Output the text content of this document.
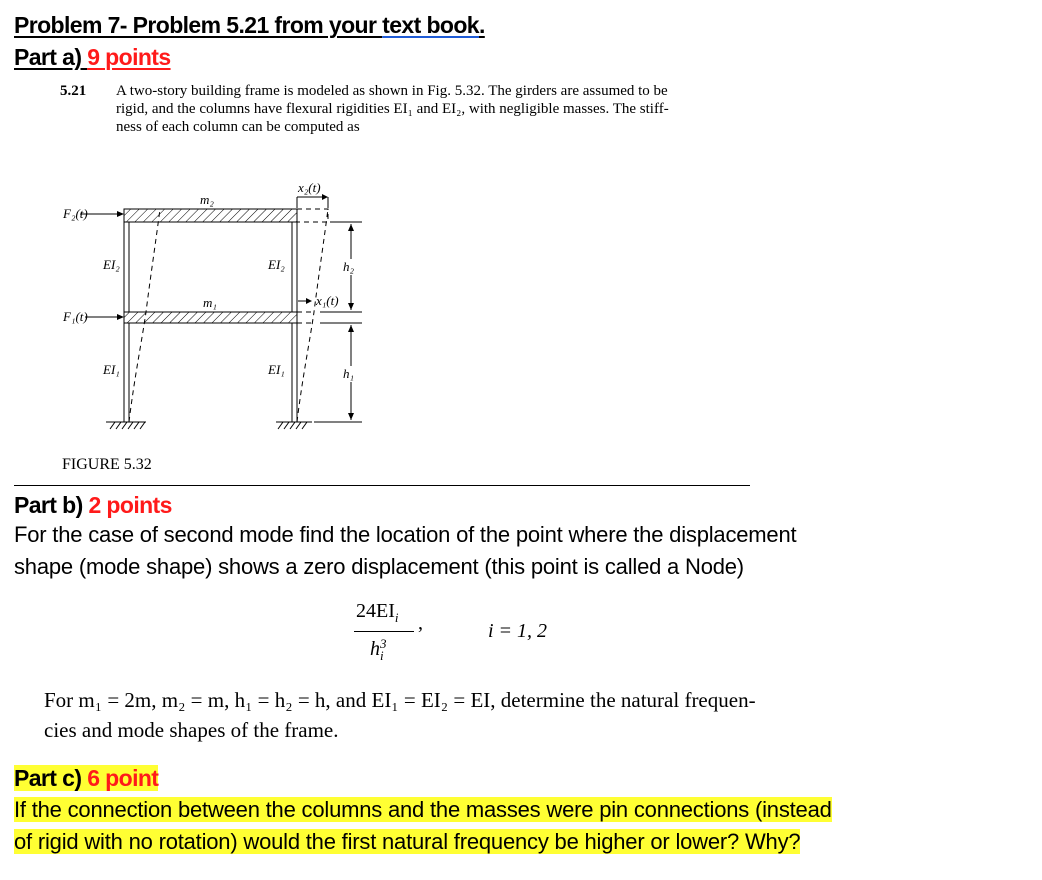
Problem 7- Problem 5.21 from your text book.
Part a) 9 points
5.21 A two-story building frame is modeled as shown in Fig. 5.32. The girders are assumed to be
rigid, and the columns have flexural rigidities EI₁ and EI₂, with negligible masses. The stiff-
ness of each column can be computed as
m₂
m₁
F₂(t)
F₁(t)
EI₂	EI₂
EI₁	EI₁
h₂
h₁
x₂(t)
x₁(t)
FIGURE 5.32
Part b) 2 points
For the case of second mode find the location of the point where the displacement
shape (mode shape) shows a zero displacement (this point is called a Node)
$24EI_i$
h 3
i
,	i = 1, 2
For m₁ = 2m, m₂ = m, h₁ = h₂ = h, and EI₁ = EI₂ = EI, determine the natural frequen-
cies and mode shapes of the frame.
Part c) 6 point
If the connection between the columns and the masses were pin connections (instead
of rigid with no rotation) would the first natural frequency be higher or lower? Why?
